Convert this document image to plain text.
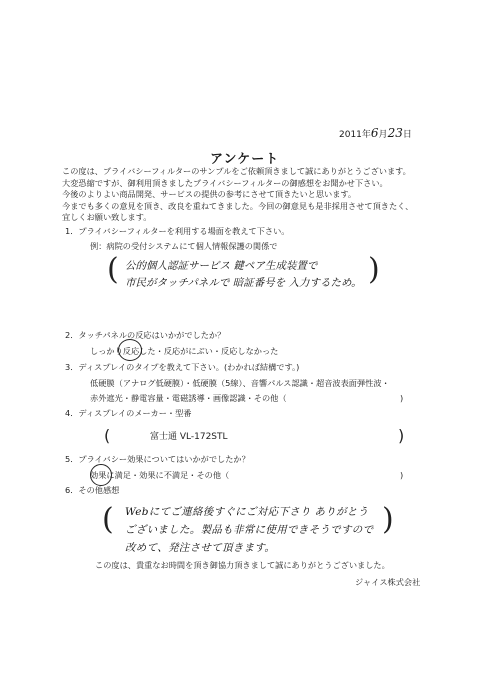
2011年6月23日
アンケート
この度は、プライバシーフィルターのサンプルをご依頼頂きまして誠にありがとうございます。
大変恐縮ですが、御利用頂きましたプライバシーフィルターの御感想をお聞かせ下さい。
今後のよりよい商品開発、サービスの提供の参考にさせて頂きたいと思います。
今までも多くの意見を頂き、改良を重ねてきました。今回の御意見も是非採用させて頂きたく、
宜しくお願い致します。
1．プライバシーフィルターを利用する場面を教えて下さい。
例：病院の受付システムにて個人情報保護の関係で
( 公的個人認証サービス 鍵ペア生成装置で
市民がタッチパネルで 暗証番号を 入力するため。 )
2．タッチパネルの反応はいかがでしたか？
しっかり反応した・反応がにぶい・反応しなかった
3．ディスプレイのタイプを教えて下さい。(わかれば結構です。)
低硬膜（アナログ低硬膜）・低硬膜（5線）、音響パルス認識・超音波表面弾性波・
赤外遮光・静電容量・電磁誘導・画像認識・その他（	)
4．ディスプレイのメーカー・型番
(	富士通 VL-172STL	)
5．プライバシー効果についてはいかがでしたか？
効果に満足・効果に不満足・その他（	)
6．その他感想
( Webにてご連絡後すぐにご対応下さり ありがとう
ございました。製品も非常に使用できそうですので
改めて、発注させて頂きます。
)
この度は、貴重なお時間を頂き御協力頂きまして誠にありがとうございました。
ジャイス株式会社
